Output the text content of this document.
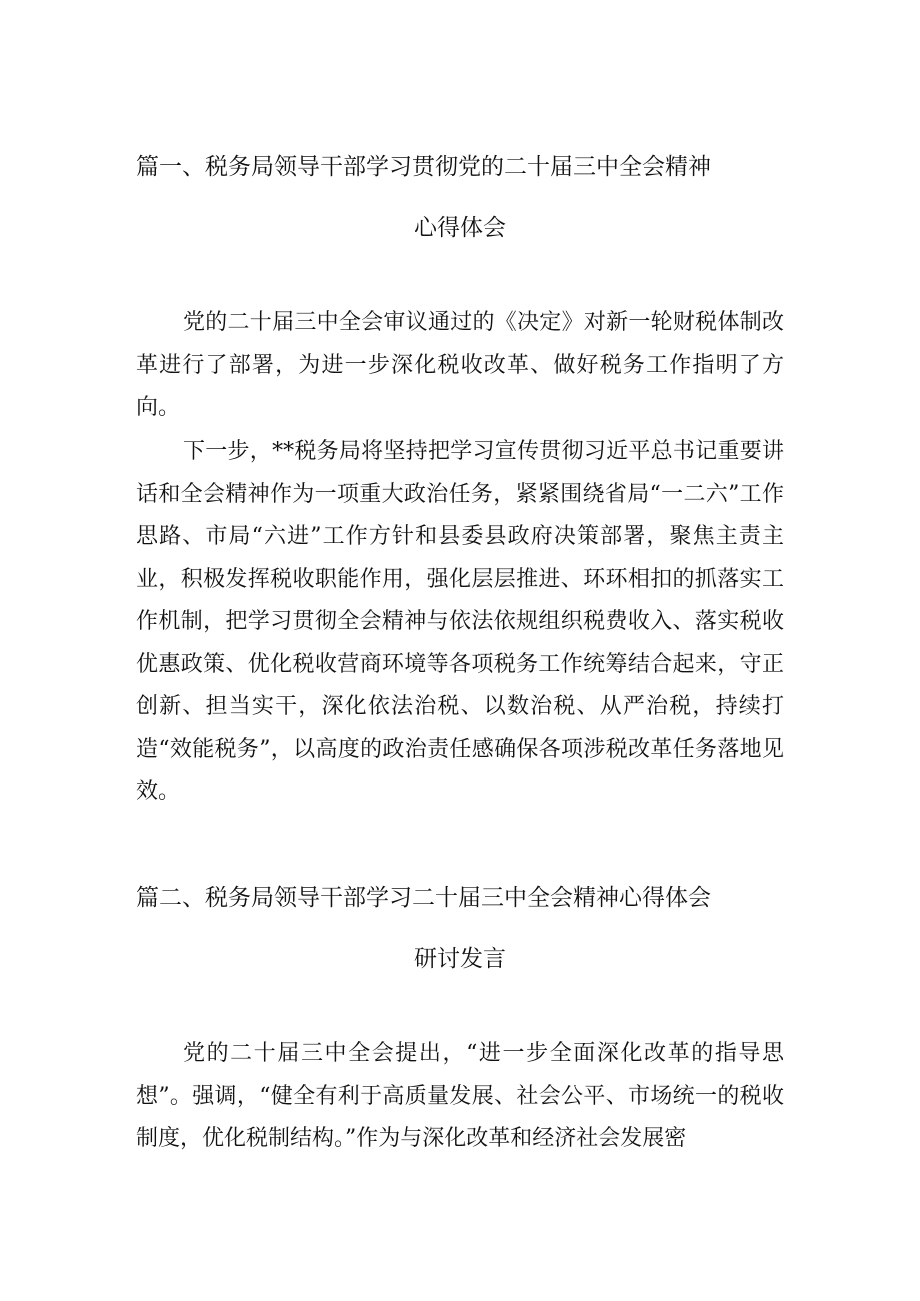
篇一、税务局领导干部学习贯彻党的二十届三中全会精神
心得体会

党的二十届三中全会审议通过的《决定》对新一轮财税体制改革进行了部署，为进一步深化税收改革、做好税务工作指明了方向。

下一步，**税务局将坚持把学习宣传贯彻习近平总书记重要讲话和全会精神作为一项重大政治任务，紧紧围绕省局“一二六”工作思路、市局“六进”工作方针和县委县政府决策部署，聚焦主责主业，积极发挥税收职能作用，强化层层推进、环环相扣的抓落实工作机制，把学习贯彻全会精神与依法依规组织税费收入、落实税收优惠政策、优化税收营商环境等各项税务工作统筹结合起来，守正创新、担当实干，深化依法治税、以数治税、从严治税，持续打造“效能税务”，以高度的政治责任感确保各项涉税改革任务落地见效。

篇二、税务局领导干部学习二十届三中全会精神心得体会
研讨发言

党的二十届三中全会提出，“进一步全面深化改革的指导思想”。强调，“健全有利于高质量发展、社会公平、市场统一的税收制度，优化税制结构。”作为与深化改革和经济社会发展密
